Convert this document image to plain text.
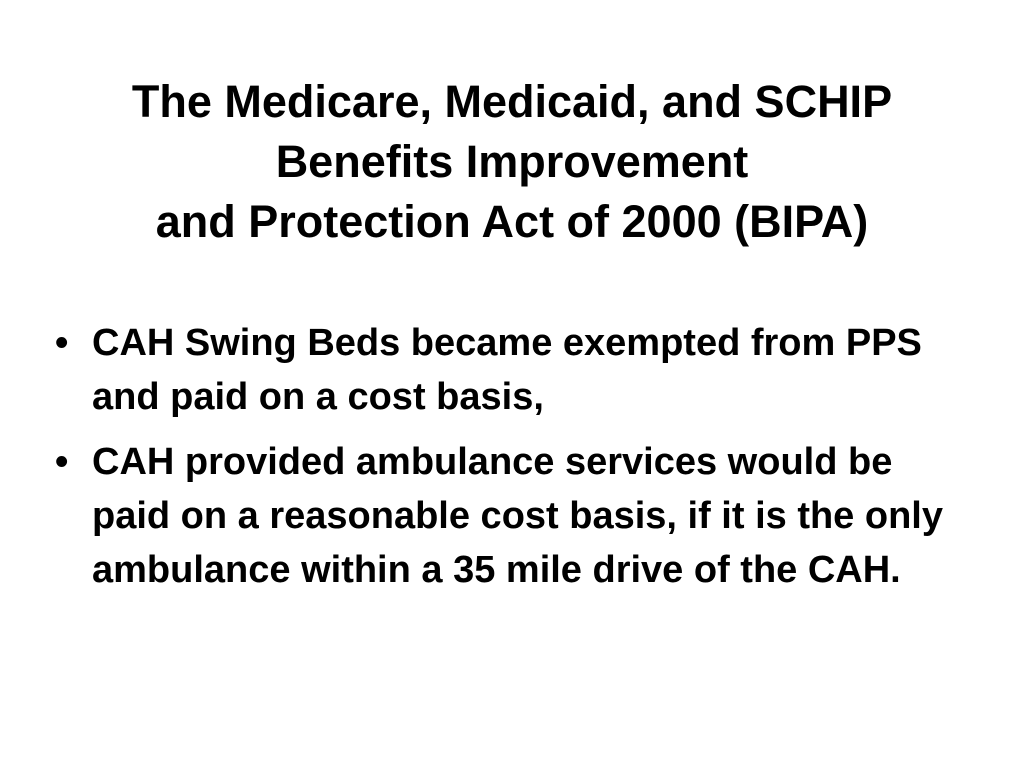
The Medicare, Medicaid, and SCHIP
Benefits Improvement
and Protection Act of 2000 (BIPA)
• CAH Swing Beds became exempted from PPS and paid on a cost basis,
• CAH provided ambulance services would be paid on a reasonable cost basis, if it is the only ambulance within a 35 mile drive of the CAH.
